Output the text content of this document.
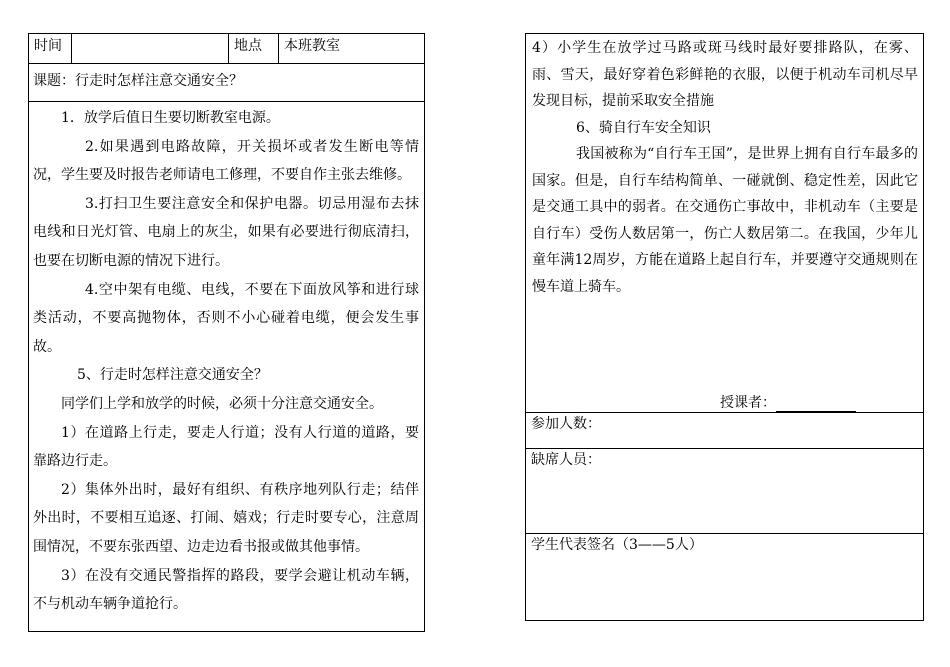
时间	地点 本班教室
课题：行走时怎样注意交通安全？

1．放学后值日生要切断教室电源。

2.如果遇到电路故障，开关损坏或者发生断电等情况，学生要及时报告老师请电工修理，不要自作主张去维修。

3.打扫卫生要注意安全和保护电器。切忌用湿布去抹电线和日光灯管、电扇上的灰尘，如果有必要进行彻底清扫，也要在切断电源的情况下进行。

4.空中架有电缆、电线，不要在下面放风筝和进行球类活动，不要高抛物体，否则不小心碰着电缆，便会发生事故。

5、行走时怎样注意交通安全？

同学们上学和放学的时候，必须十分注意交通安全。

1）在道路上行走，要走人行道；没有人行道的道路，要靠路边行走。

2）集体外出时，最好有组织、有秩序地列队行走；结伴外出时，不要相互追逐、打闹、嬉戏；行走时要专心，注意周围情况，不要东张西望、边走边看书报或做其他事情。

3）在没有交通民警指挥的路段，要学会避让机动车辆，不与机动车辆争道抢行。

4）小学生在放学过马路或斑马线时最好要排路队，在雾、雨、雪天，最好穿着色彩鲜艳的衣服，以便于机动车司机尽早发现目标，提前采取安全措施

6、骑自行车安全知识

我国被称为“自行车王国”，是世界上拥有自行车最多的国家。但是，自行车结构简单、一碰就倒、稳定性差，因此它是交通工具中的弱者。在交通伤亡事故中，非机动车（主要是自行车）受伤人数居第一，伤亡人数居第二。在我国，少年儿童年满12周岁，方能在道路上起自行车，并要遵守交通规则在慢车道上骑车。

授课者：
参加人数：
缺席人员：
学生代表签名（3——5人）
